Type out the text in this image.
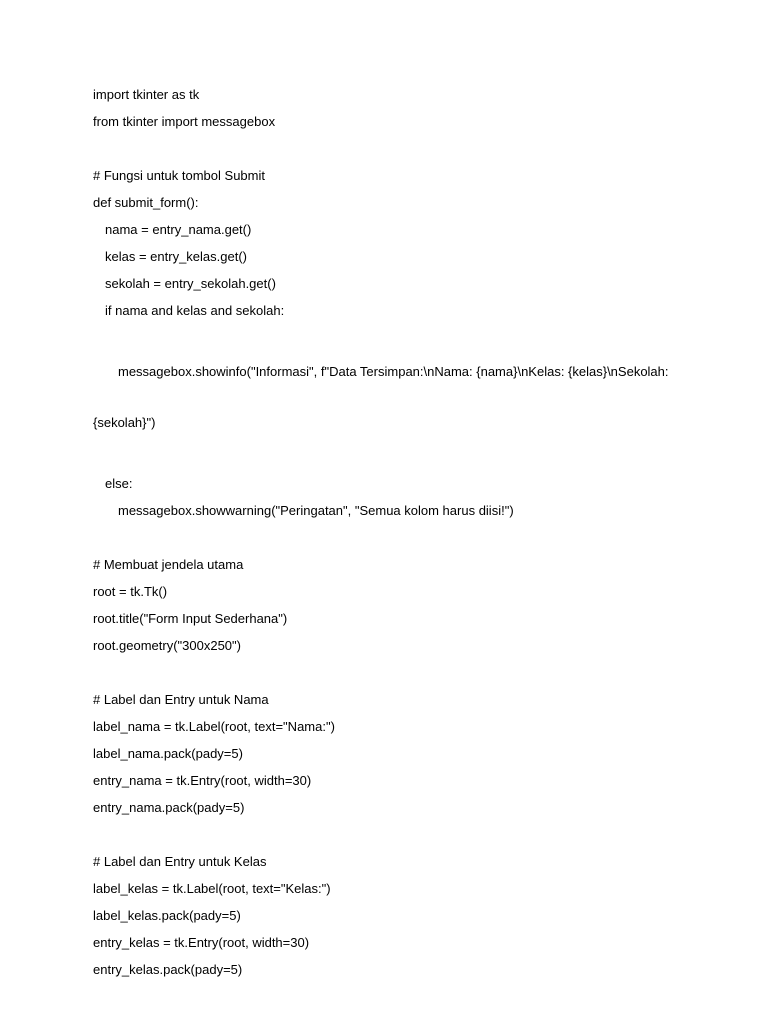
import tkinter as tk

from tkinter import messagebox

# Fungsi untuk tombol Submit

def submit_form():

nama = entry_nama.get()

kelas = entry_kelas.get()

sekolah = entry_sekolah.get()

if nama and kelas and sekolah:

messagebox.showinfo("Informasi", f"Data Tersimpan:\nNama: {nama}\nKelas: {kelas}\nSekolah:

{sekolah}")

else:

messagebox.showwarning("Peringatan", "Semua kolom harus diisi!")

# Membuat jendela utama

root = tk.Tk()

root.title("Form Input Sederhana")

root.geometry("300x250")

# Label dan Entry untuk Nama

label_nama = tk.Label(root, text="Nama:")

label_nama.pack(pady=5)

entry_nama = tk.Entry(root, width=30)

entry_nama.pack(pady=5)

# Label dan Entry untuk Kelas

label_kelas = tk.Label(root, text="Kelas:")

label_kelas.pack(pady=5)

entry_kelas = tk.Entry(root, width=30)

entry_kelas.pack(pady=5)
